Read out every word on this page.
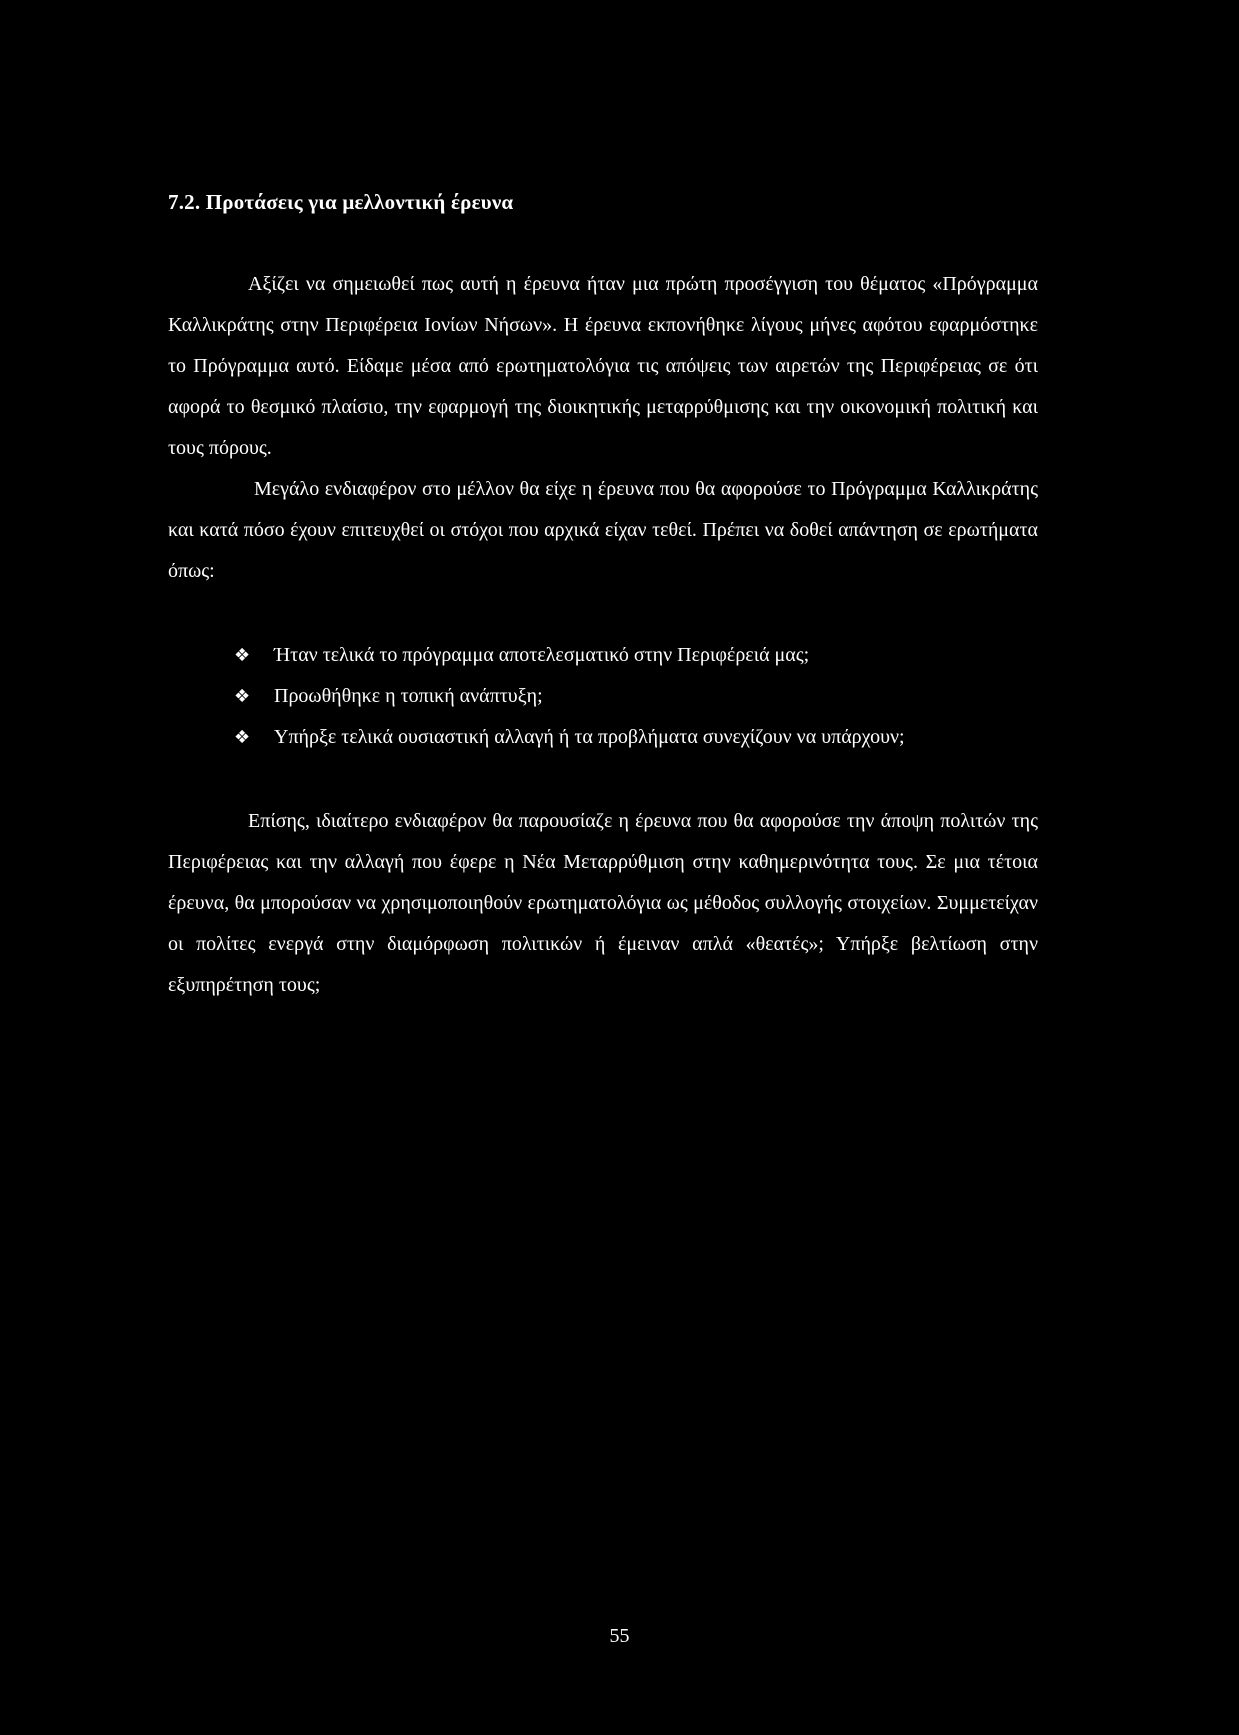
7.2. Προτάσεις για μελλοντική έρευνα

Αξίζει να σημειωθεί πως αυτή η έρευνα ήταν μια πρώτη προσέγγιση του θέματος «Πρόγραμμα Καλλικράτης στην Περιφέρεια Ιονίων Νήσων». Η έρευνα εκπονήθηκε λίγους μήνες αφότου εφαρμόστηκε το Πρόγραμμα αυτό. Είδαμε μέσα από ερωτηματολόγια τις απόψεις των αιρετών της Περιφέρειας σε ότι αφορά το θεσμικό πλαίσιο, την εφαρμογή της διοικητικής μεταρρύθμισης και την οικονομική πολιτική και τους πόρους.

Μεγάλο ενδιαφέρον στο μέλλον θα είχε η έρευνα που θα αφορούσε το Πρόγραμμα Καλλικράτης και κατά πόσο έχουν επιτευχθεί οι στόχοι που αρχικά είχαν τεθεί. Πρέπει να δοθεί απάντηση σε ερωτήματα όπως:

❖ Ήταν τελικά το πρόγραμμα αποτελεσματικό στην Περιφέρειά μας;
❖ Προωθήθηκε η τοπική ανάπτυξη;
❖ Υπήρξε τελικά ουσιαστική αλλαγή ή τα προβλήματα συνεχίζουν να υπάρχουν;

Επίσης, ιδιαίτερο ενδιαφέρον θα παρουσίαζε η έρευνα που θα αφορούσε την άποψη πολιτών της Περιφέρειας και την αλλαγή που έφερε η Νέα Μεταρρύθμιση στην καθημερινότητα τους. Σε μια τέτοια έρευνα, θα μπορούσαν να χρησιμοποιηθούν ερωτηματολόγια ως μέθοδος συλλογής στοιχείων. Συμμετείχαν οι πολίτες ενεργά στην διαμόρφωση πολιτικών ή έμειναν απλά «θεατές»; Υπήρξε βελτίωση στην εξυπηρέτηση τους;

55
